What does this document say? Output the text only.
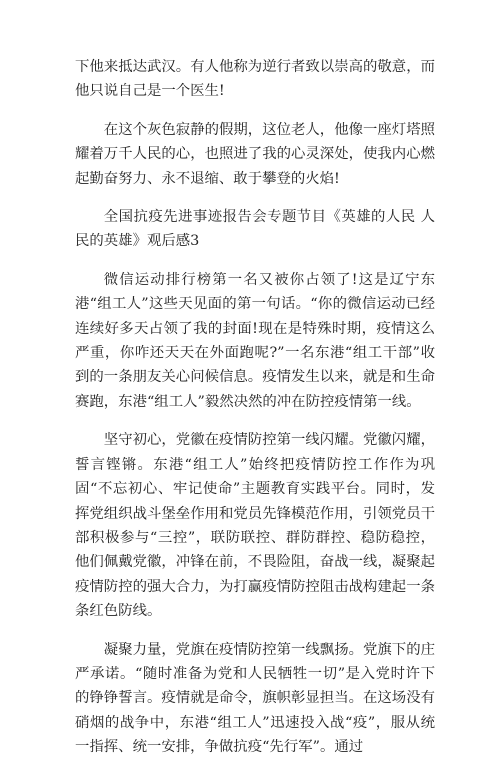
下他来抵达武汉。有人他称为逆行者致以崇高的敬意，而他只说自己是一个医生!

在这个灰色寂静的假期，这位老人，他像一座灯塔照耀着万千人民的心，也照进了我的心灵深处，使我内心燃起勤奋努力、永不退缩、敢于攀登的火焰!

全国抗疫先进事迹报告会专题节目《英雄的人民 人民的英雄》观后感3

微信运动排行榜第一名又被你占领了!这是辽宁东港“组工人”这些天见面的第一句话。“你的微信运动已经连续好多天占领了我的封面!现在是特殊时期，疫情这么严重，你咋还天天在外面跑呢?”一名东港“组工干部”收到的一条朋友关心问候信息。疫情发生以来，就是和生命赛跑，东港“组工人”毅然决然的冲在防控疫情第一线。

坚守初心，党徽在疫情防控第一线闪耀。党徽闪耀，誓言铿锵。东港“组工人”始终把疫情防控工作作为巩固“不忘初心、牢记使命”主题教育实践平台。同时，发挥党组织战斗堡垒作用和党员先锋模范作用，引领党员干部积极参与“三控”，联防联控、群防群控、稳防稳控，他们佩戴党徽，冲锋在前，不畏险阻，奋战一线，凝聚起疫情防控的强大合力，为打赢疫情防控阻击战构建起一条条红色防线。

凝聚力量，党旗在疫情防控第一线飘扬。党旗下的庄严承诺。“随时准备为党和人民牺牲一切”是入党时许下的铮铮誓言。疫情就是命令，旗帜彰显担当。在这场没有硝烟的战争中，东港“组工人”迅速投入战“疫”，服从统一指挥、统一安排，争做抗疫“先行军”。通过
